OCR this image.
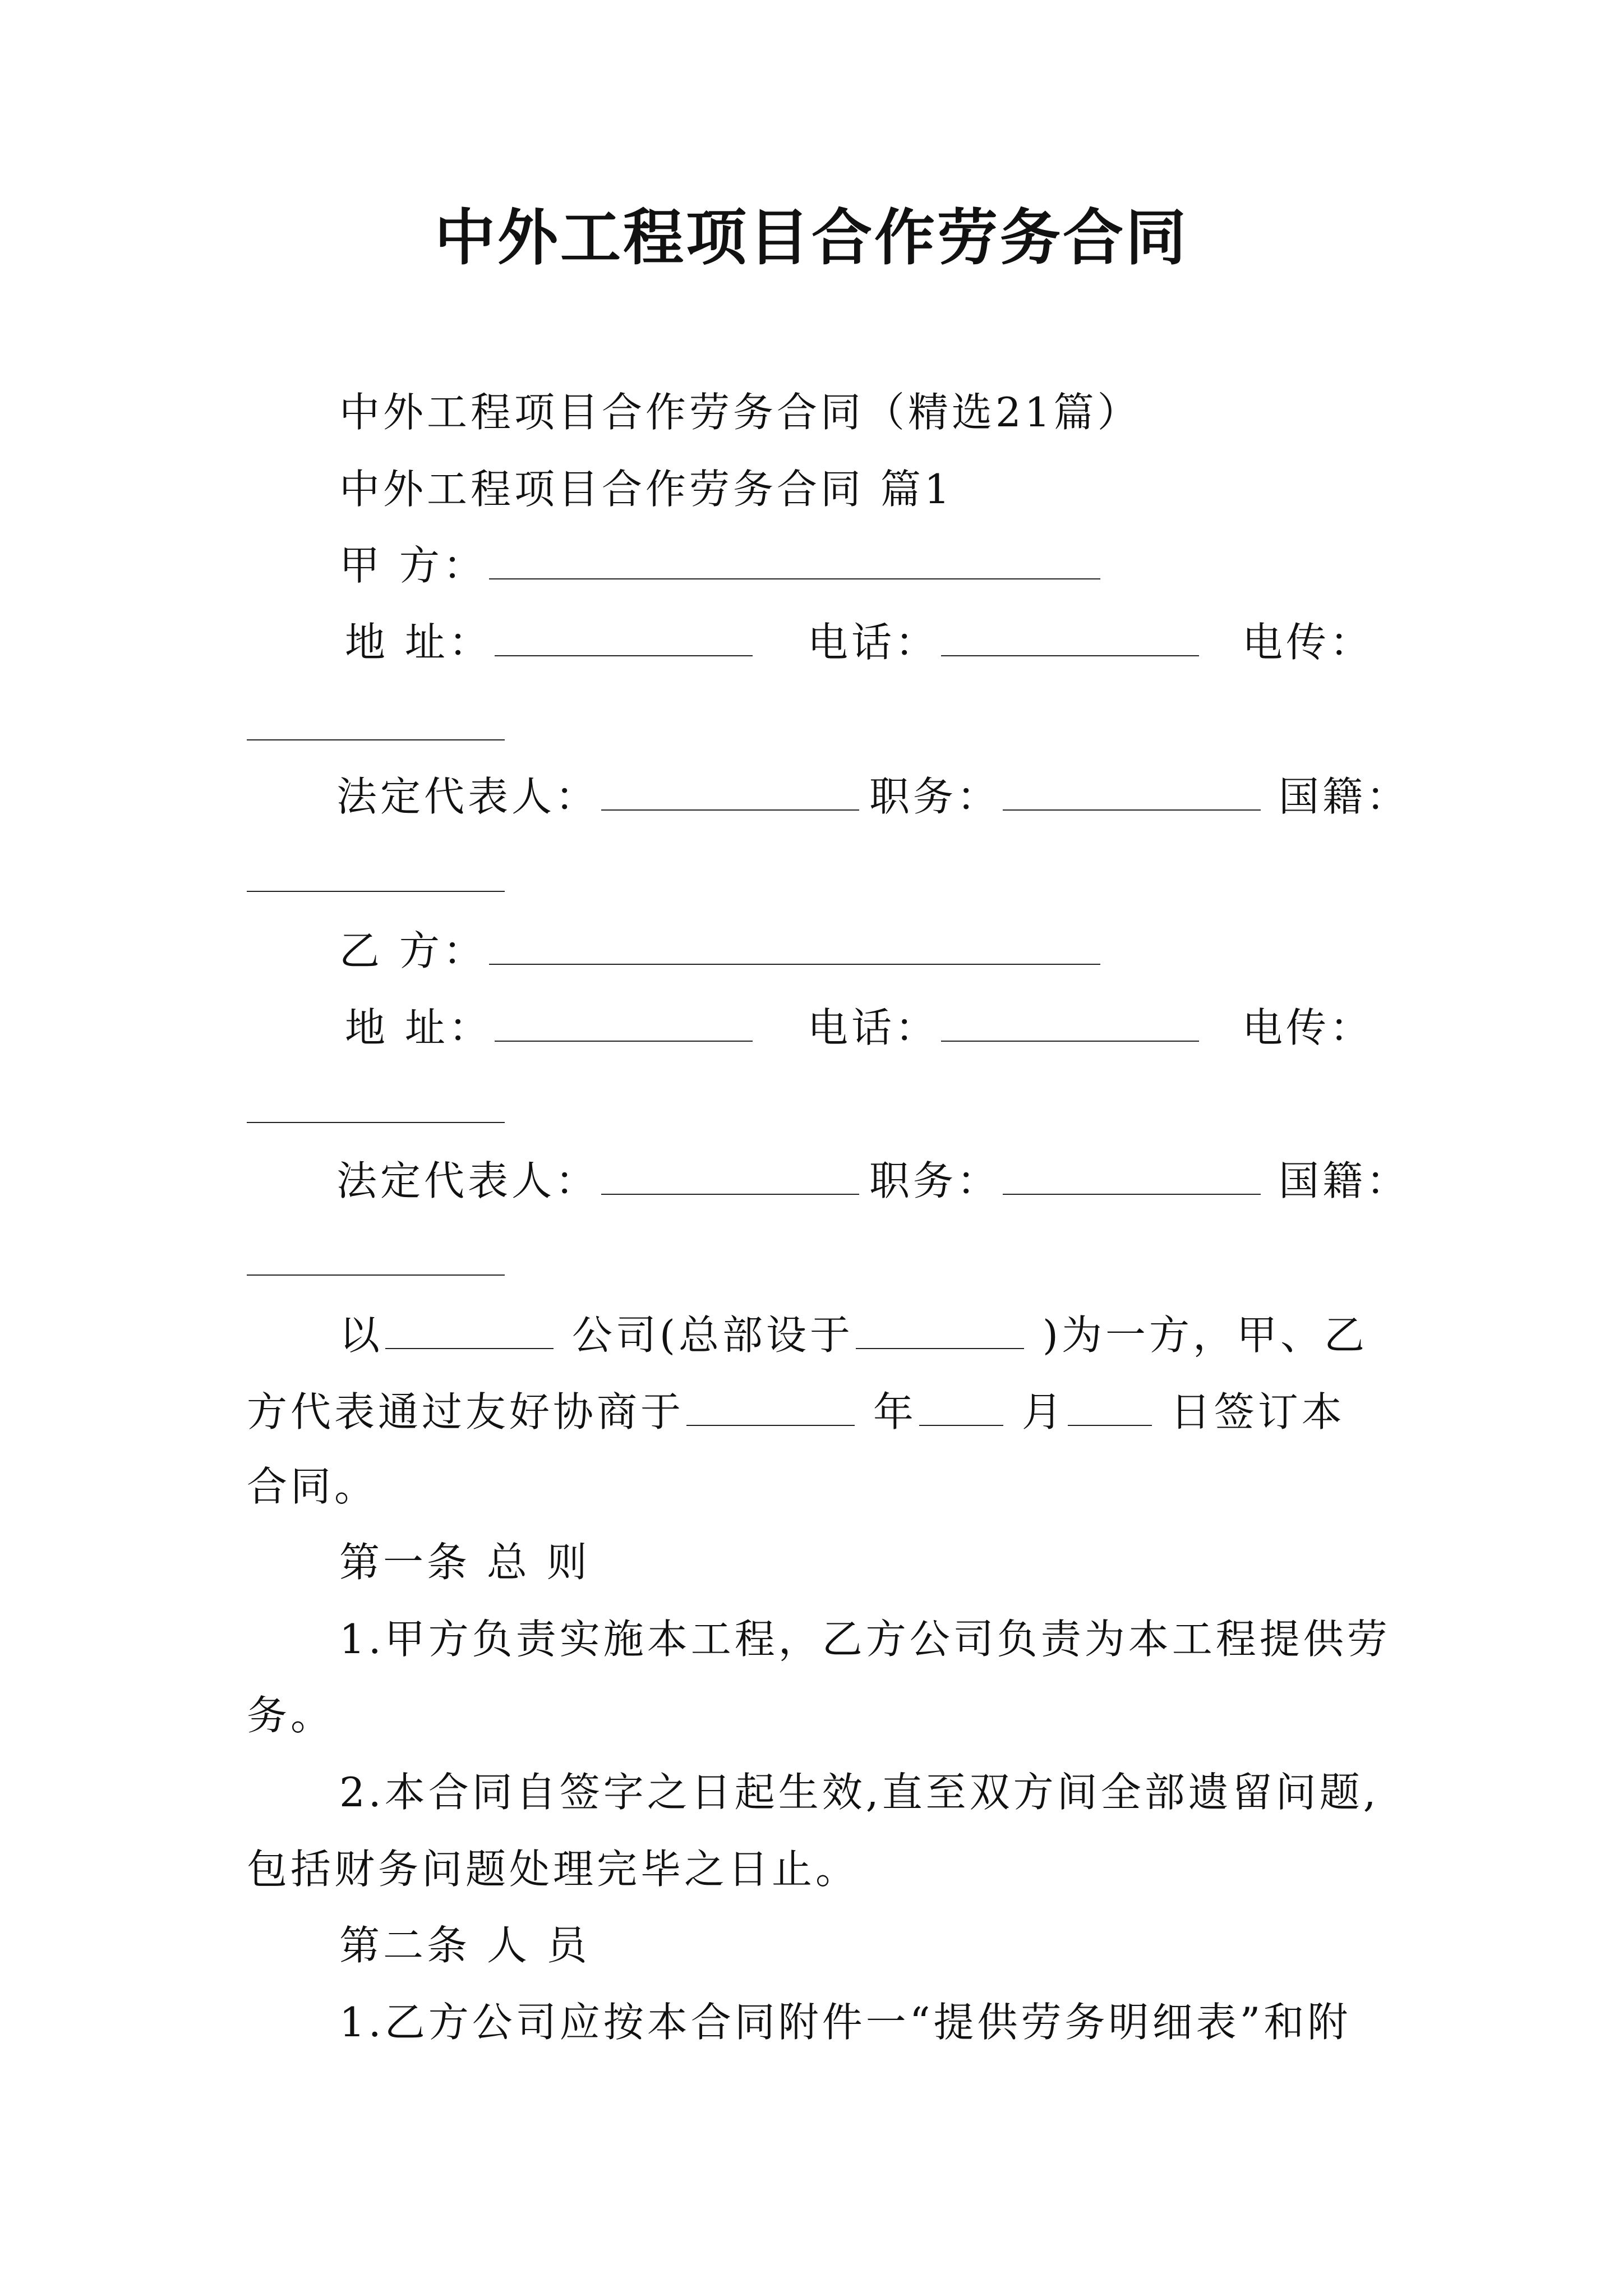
中外工程项目合作劳务合同
中外工程项目合作劳务合同（精选21篇）
中外工程项目合作劳务合同 篇1
甲 方：
地 址：	电话：	电传：
法定代表人：	职务：	国籍：
乙 方：
地 址：	电话：	电传：
法定代表人：	职务：	国籍：
以	公司(总部设于	)为一方，甲、乙
方代表通过友好协商于	年	月	日签订本
合同。
第一条 总 则
1.甲方负责实施本工程，乙方公司负责为本工程提供劳
务。
2.本合同自签字之日起生效,直至双方间全部遗留问题,
包括财务问题处理完毕之日止。
第二条 人 员
1.乙方公司应按本合同附件一“提供劳务明细表”和附
